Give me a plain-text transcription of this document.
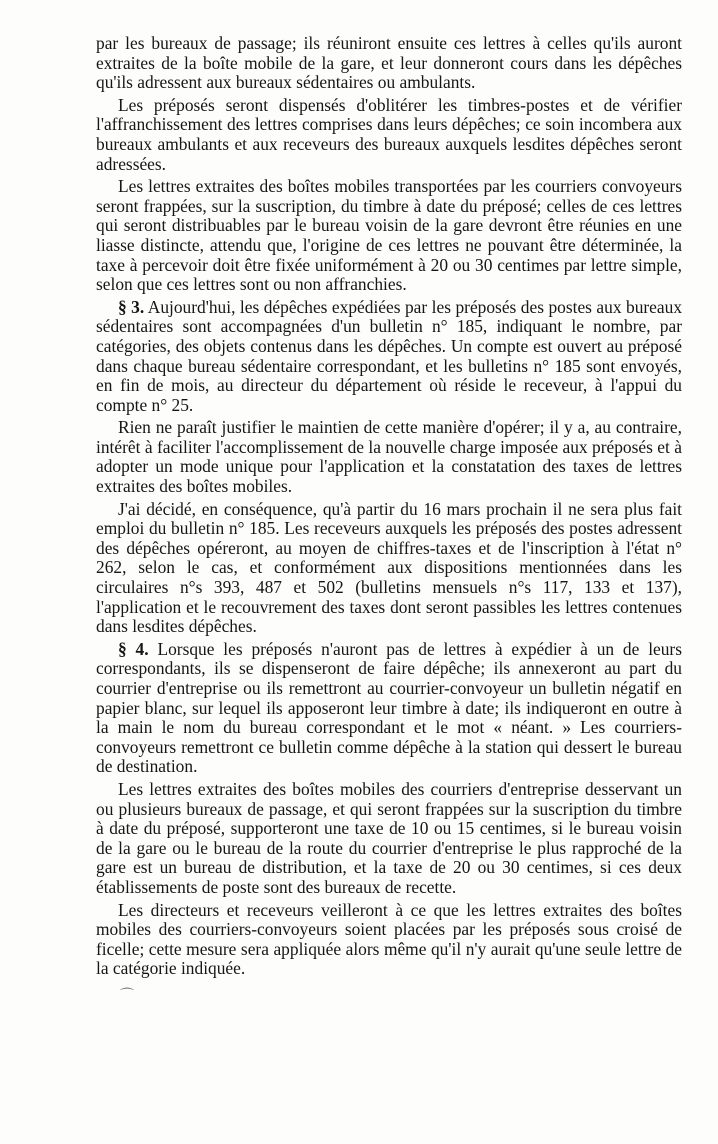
par les bureaux de passage; ils réuniront ensuite ces lettres à celles qu'ils auront extraites de la boîte mobile de la gare, et leur donneront cours dans les dépêches qu'ils adressent aux bureaux sédentaires ou ambulants.

Les préposés seront dispensés d'oblitérer les timbres-postes et de vérifier l'affranchissement des lettres comprises dans leurs dépêches; ce soin incombera aux bureaux ambulants et aux receveurs des bureaux auxquels lesdites dépêches seront adressées.

Les lettres extraites des boîtes mobiles transportées par les courriers convoyeurs seront frappées, sur la suscription, du timbre à date du préposé; celles de ces lettres qui seront distribuables par le bureau voisin de la gare devront être réunies en une liasse distincte, attendu que, l'origine de ces lettres ne pouvant être déterminée, la taxe à percevoir doit être fixée uniformément à 20 ou 30 centimes par lettre simple, selon que ces lettres sont ou non affranchies.

§ 3. Aujourd'hui, les dépêches expédiées par les préposés des postes aux bureaux sédentaires sont accompagnées d'un bulletin n° 185, indiquant le nombre, par catégories, des objets contenus dans les dépêches. Un compte est ouvert au préposé dans chaque bureau sédentaire correspondant, et les bulletins n° 185 sont envoyés, en fin de mois, au directeur du département où réside le receveur, à l'appui du compte n° 25.

Rien ne paraît justifier le maintien de cette manière d'opérer; il y a, au contraire, intérêt à faciliter l'accomplissement de la nouvelle charge imposée aux préposés et à adopter un mode unique pour l'application et la constatation des taxes de lettres extraites des boîtes mobiles.

J'ai décidé, en conséquence, qu'à partir du 16 mars prochain il ne sera plus fait emploi du bulletin n° 185. Les receveurs auxquels les préposés des postes adressent des dépêches opéreront, au moyen de chiffres-taxes et de l'inscription à l'état n° 262, selon le cas, et conformément aux dispositions mentionnées dans les circulaires n°s 393, 487 et 502 (bulletins mensuels n°s 117, 133 et 137), l'application et le recouvrement des taxes dont seront passibles les lettres contenues dans lesdites dépêches.

§ 4. Lorsque les préposés n'auront pas de lettres à expédier à un de leurs correspondants, ils se dispenseront de faire dépêche; ils annexeront au part du courrier d'entreprise ou ils remettront au courrier-convoyeur un bulletin négatif en papier blanc, sur lequel ils apposeront leur timbre à date; ils indiqueront en outre à la main le nom du bureau correspondant et le mot « néant. » Les courriers-convoyeurs remettront ce bulletin comme dépêche à la station qui dessert le bureau de destination.

Les lettres extraites des boîtes mobiles des courriers d'entreprise desservant un ou plusieurs bureaux de passage, et qui seront frappées sur la suscription du timbre à date du préposé, supporteront une taxe de 10 ou 15 centimes, si le bureau voisin de la gare ou le bureau de la route du courrier d'entreprise le plus rapproché de la gare est un bureau de distribution, et la taxe de 20 ou 30 centimes, si ces deux établissements de poste sont des bureaux de recette.

Les directeurs et receveurs veilleront à ce que les lettres extraites des boîtes mobiles des courriers-convoyeurs soient placées par les préposés sous croisé de ficelle; cette mesure sera appliquée alors même qu'il n'y aurait qu'une seule lettre de la catégorie indiquée.

⌒
